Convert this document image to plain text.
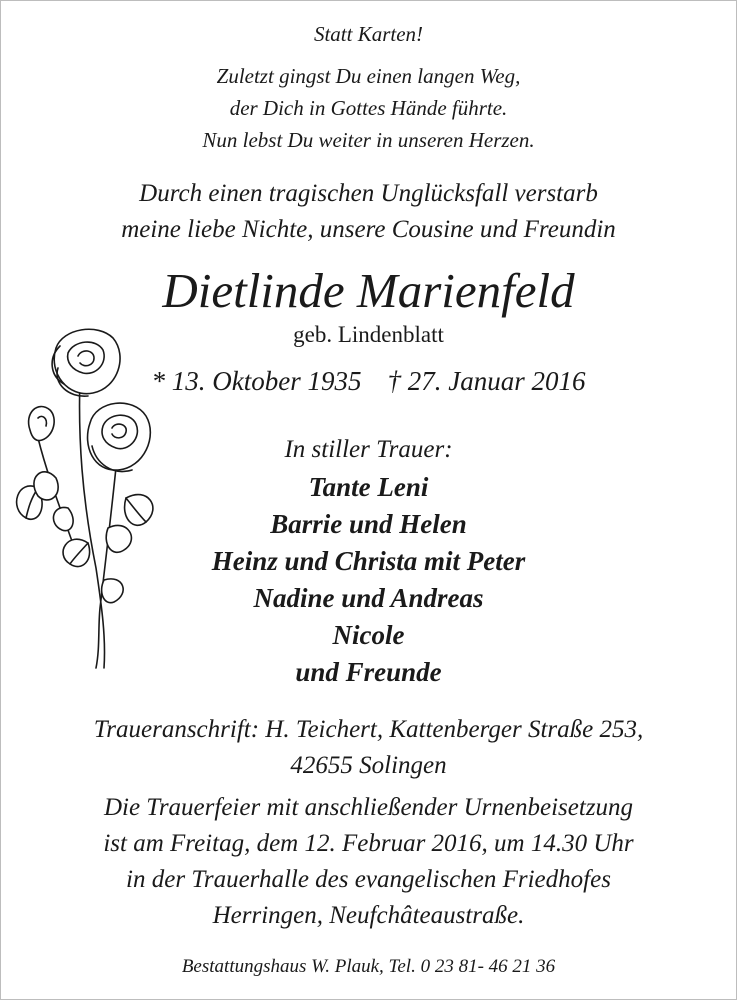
Statt Karten!
Zuletzt gingst Du einen langen Weg,
der Dich in Gottes Hände führte.
Nun lebst Du weiter in unseren Herzen.
Durch einen tragischen Unglücksfall verstarb
meine liebe Nichte, unsere Cousine und Freundin
Dietlinde Marienfeld
geb. Lindenblatt
* 13. Oktober 1935 † 27. Januar 2016
In stiller Trauer:
Tante Leni
Barrie und Helen
Heinz und Christa mit Peter
Nadine und Andreas
Nicole
und Freunde
Traueranschrift: H. Teichert, Kattenberger Straße 253,
42655 Solingen
Die Trauerfeier mit anschließender Urnenbeisetzung
ist am Freitag, dem 12. Februar 2016, um 14.30 Uhr
in der Trauerhalle des evangelischen Friedhofes
Herringen, Neufchâteaustraße.
Bestattungshaus W. Plauk, Tel. 0 23 81- 46 21 36
